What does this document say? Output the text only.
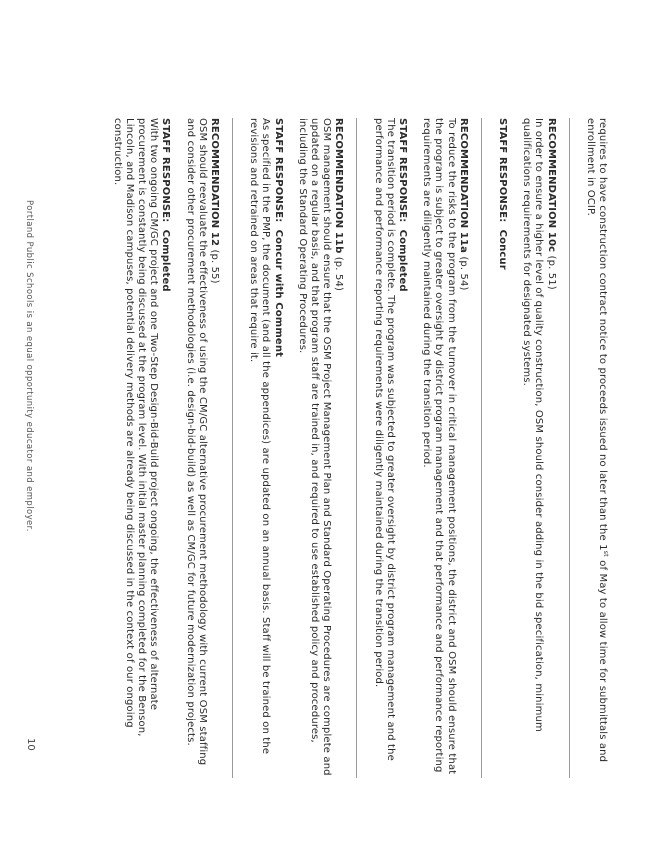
requires to have construction contract notice to proceeds issued no later than the 1st of May to allow time for submittals and enrollment in OCIP.

RECOMMENDATION 10c (p. 51)

In order to ensure a higher level of quality construction, OSM should consider adding in the bid specification, minimum qualifications requirements for designated systems.

STAFF RESPONSE:  Concur

RECOMMENDATION 11a (p. 54)

To reduce the risks to the program from the turnover in critical management positions, the district and OSM should ensure that the program is subject to greater oversight by district program management and that performance and performance reporting requirements are diligently maintained during the transition period.

STAFF RESPONSE:  Completed

The transition period is complete. The program was subjected to greater oversight by district program management and the performance and performance reporting requirements were diligently maintained during the transition period.

RECOMMENDATION 11b (p. 54)

OSM management should ensure that the OSM Project Management Plan and Standard Operating Procedures are complete and updated on a regular basis, and that program staff are trained in, and required to use established policy and procedures, including the Standard Operating Procedures.

STAFF RESPONSE:  Concur with Comment

As specified in the PMP, the document (and all the appendices) are updated on an annual basis. Staff will be trained on the revisions and retrained on areas that require it.

RECOMMENDATION 12 (p. 55)

OSM should reevaluate the effectiveness of using the CM/GC alternative procurement methodology with current OSM staffing and consider other procurement methodologies (i.e. design-bid-build) as well as CM/GC for future modernization projects.

STAFF RESPONSE:  Completed

With two ongoing CM/GC project and one Two-Step Design-Bid-Build project ongoing, the effectiveness of alternate procurement is constantly being discussed at the program level. With initial master planning completed for the Benson, Lincoln, and Madison campuses, potential delivery methods are already being discussed in the context of our ongoing construction.

Portland Public Schools is an equal opportunity educator and employer.
10
